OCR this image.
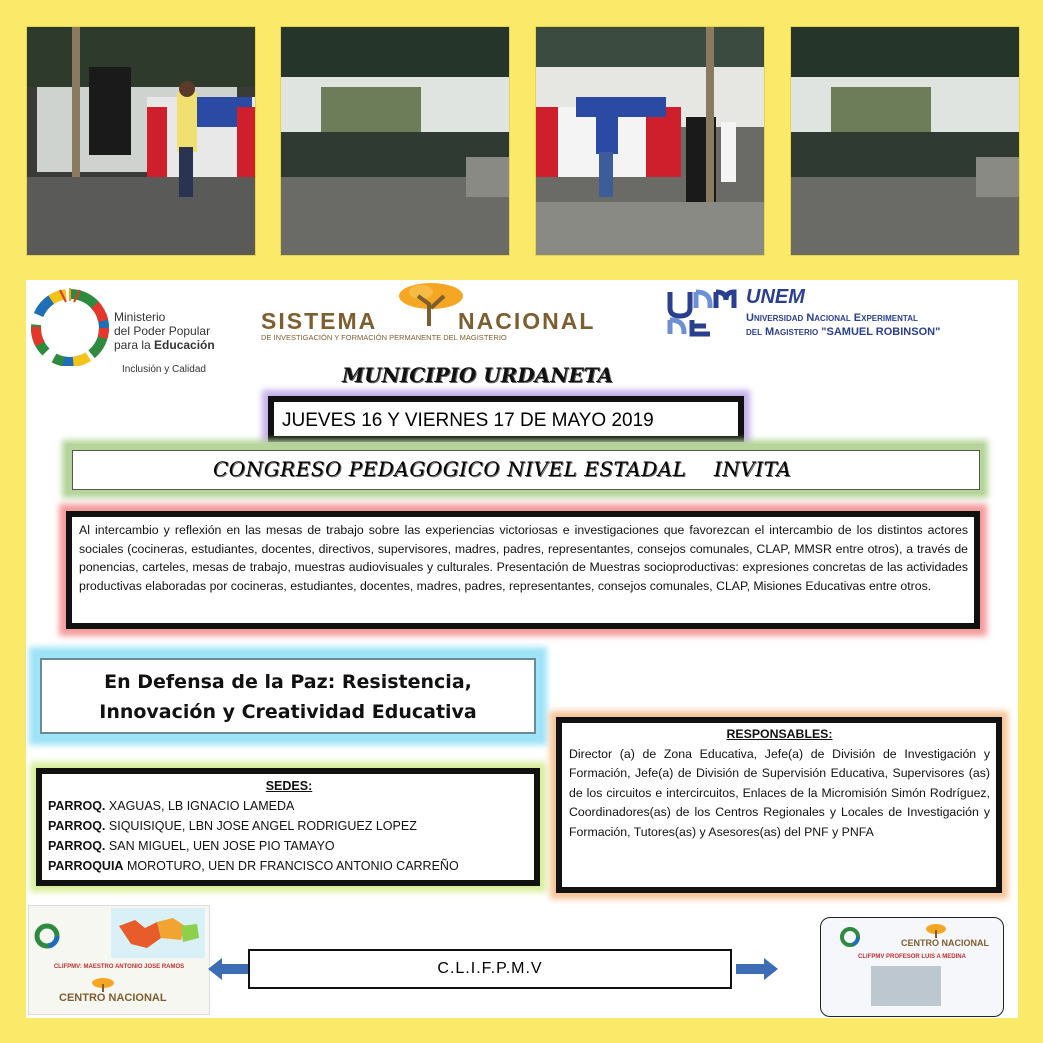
Ministerio
del Poder Popular
para la Educación
Inclusión y Calidad
SISTEMA	NACIONAL
DE INVESTIGACIÓN Y FORMACIÓN PERMANENTE DEL MAGISTERIO
UNEM
Universidad Nacional Experimental
del Magisterio "SAMUEL ROBINSON"
MUNICIPIO URDANETA
JUEVES 16 Y VIERNES 17 DE MAYO 2019
CONGRESO PEDAGOGICO NIVEL ESTADAL    INVITA
Al intercambio y reflexión en las mesas de trabajo sobre las experiencias victoriosas e investigaciones que favorezcan el intercambio de los distintos actores sociales (cocineras, estudiantes, docentes, directivos, supervisores, madres, padres, representantes, consejos comunales, CLAP, MMSR entre otros), a través de ponencias, carteles, mesas de trabajo, muestras audiovisuales y culturales. Presentación de Muestras socioproductivas: expresiones concretas de las actividades productivas elaboradas por cocineras, estudiantes, docentes, madres, padres, representantes, consejos comunales, CLAP, Misiones Educativas entre otros.
En Defensa de la Paz: Resistencia,
Innovación y Creatividad Educativa
SEDES:
PARROQ. XAGUAS, LB IGNACIO LAMEDA
PARROQ. SIQUISIQUE, LBN JOSE ANGEL RODRIGUEZ LOPEZ
PARROQ. SAN MIGUEL, UEN JOSE PIO TAMAYO
PARROQUIA MOROTURO, UEN DR FRANCISCO ANTONIO CARREÑO
RESPONSABLES:
Director (a) de Zona Educativa, Jefe(a) de División de Investigación y Formación, Jefe(a) de División de Supervisión Educativa, Supervisores (as) de los circuitos e intercircuitos, Enlaces de la Micromisión Simón Rodríguez, Coordinadores(as) de los Centros Regionales y Locales de Investigación y Formación, Tutores(as) y Asesores(as) del PNF y PNFA
CLIFPMV: MAESTRO ANTONIO JOSE RAMOS
CENTRO NACIONAL
C.L.I.F.P.M.V
CENTRO NACIONAL
CLIFPMV PROFESOR LUIS A MEDINA
